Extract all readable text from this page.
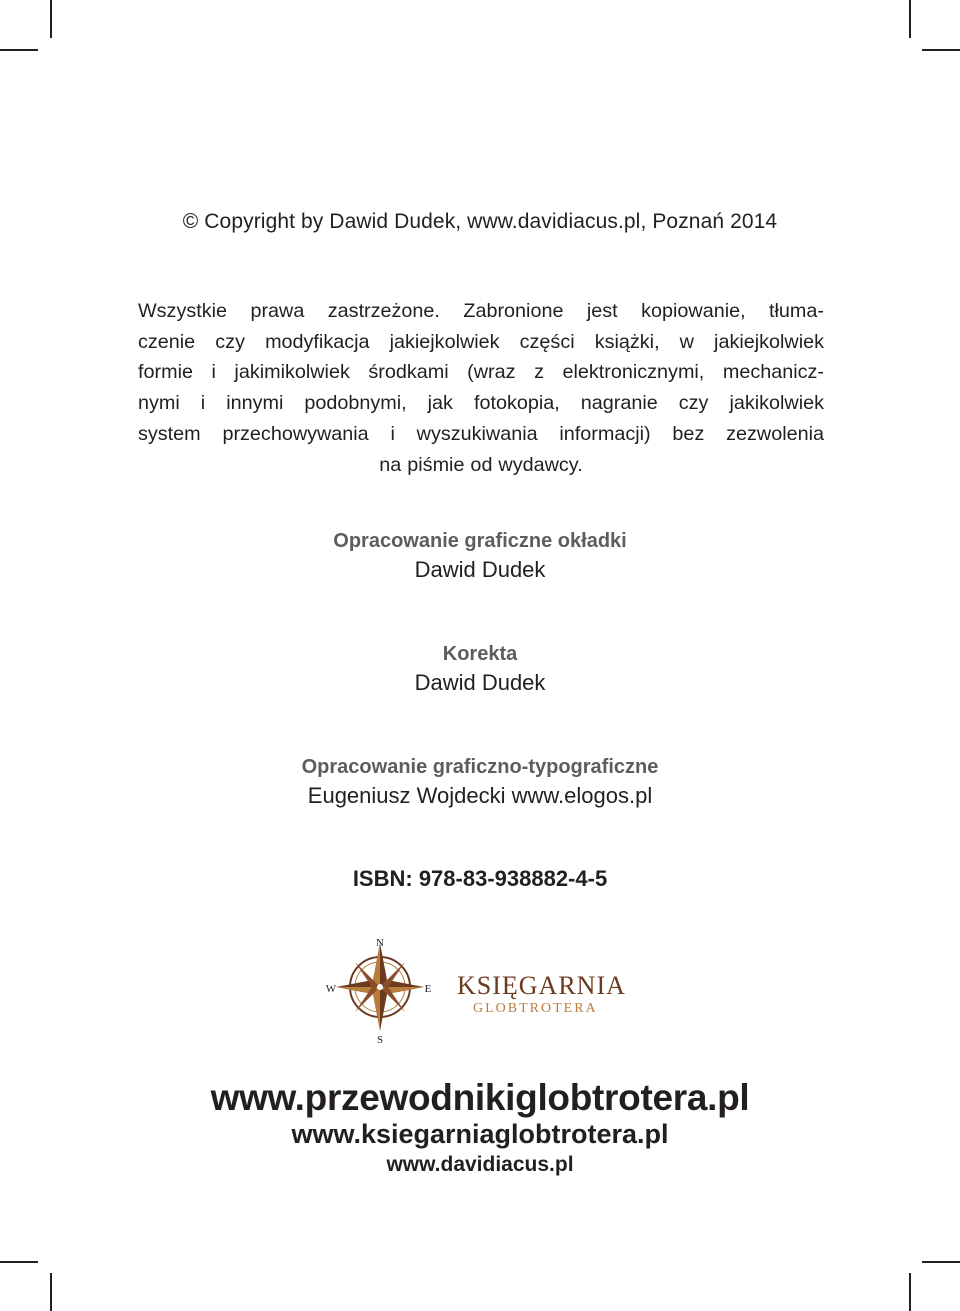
© Copyright by Dawid Dudek, www.davidiacus.pl, Poznań 2014
Wszystkie prawa zastrzeżone. Zabronione jest kopiowanie, tłuma-
czenie czy modyfikacja jakiejkolwiek części książki, w jakiejkolwiek
formie i jakimikolwiek środkami (wraz z elektronicznymi, mechanicz-
nymi i innymi podobnymi, jak fotokopia, nagranie czy jakikolwiek
system przechowywania i wyszukiwania informacji) bez zezwolenia
na piśmie od wydawcy.
Opracowanie graficzne okładki
Dawid Dudek
Korekta
Dawid Dudek
Opracowanie graficzno-typograficzne
Eugeniusz Wojdecki www.elogos.pl
ISBN: 978-83-938882-4-5
N
S
E
W	KSIĘGARNIA
GLOBTROTERA
www.przewodnikiglobtrotera.pl
www.ksiegarniaglobtrotera.pl
www.davidiacus.pl
